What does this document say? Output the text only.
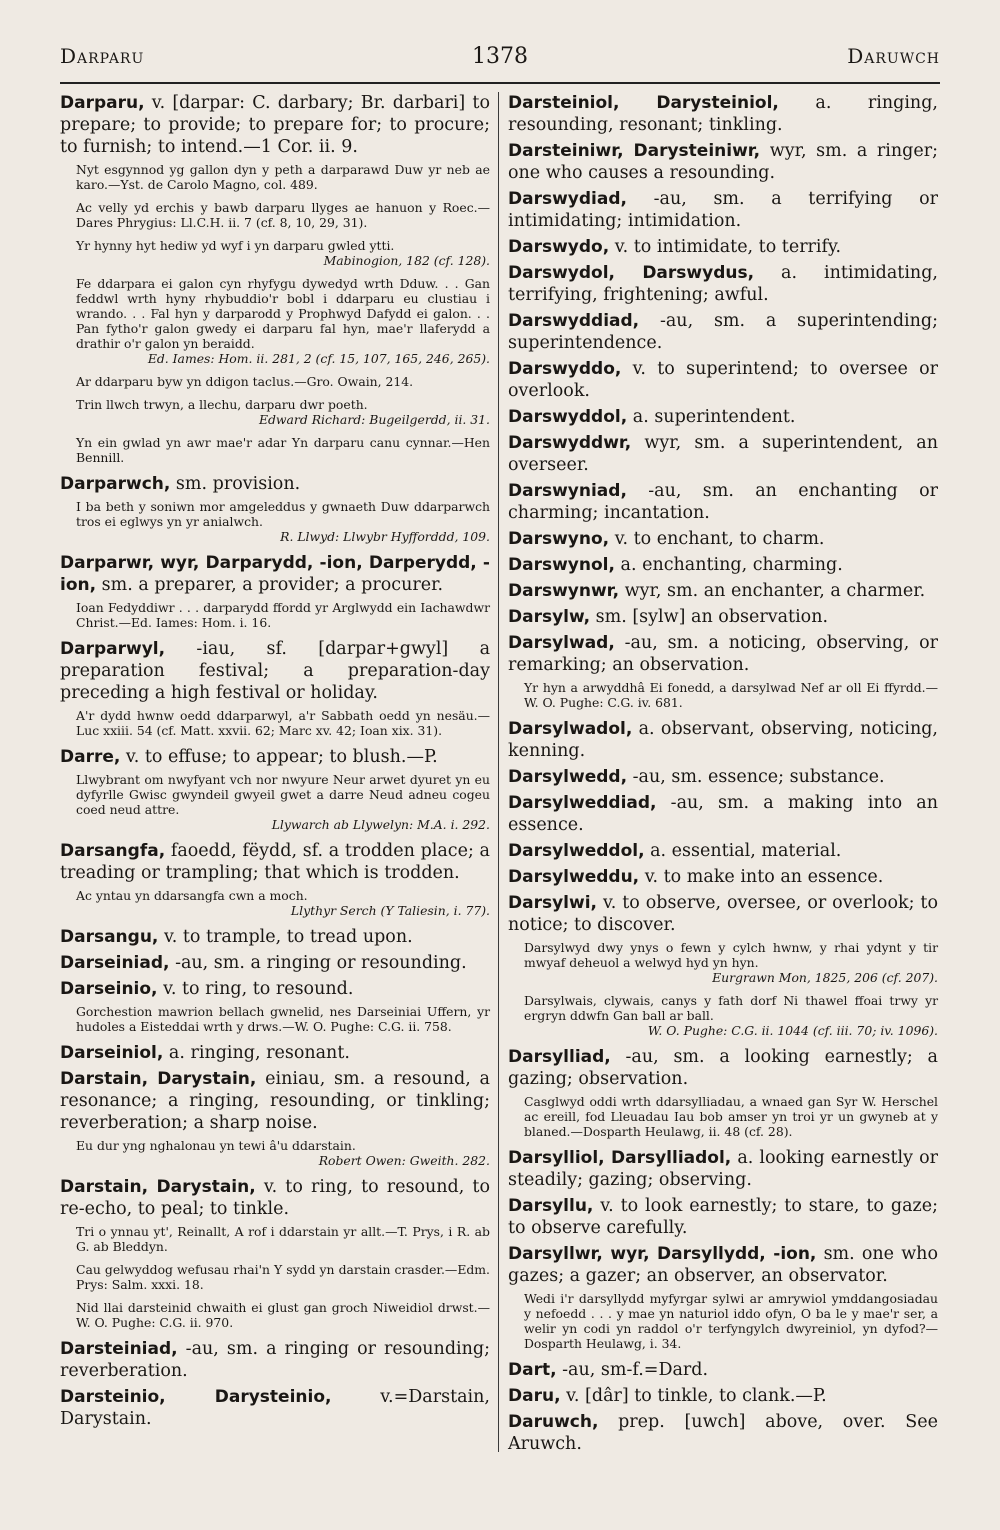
Darparu	1378	Daruwch

Darparu, v. [darpar: C. darbary; Br. darbari] to prepare; to provide; to prepare for; to procure; to furnish; to intend.—1 Cor. ii. 9.

Nyt esgynnod yg gallon dyn y peth a darparawd Duw yr neb ae karo.—Yst. de Carolo Magno, col. 489.
Ac velly yd erchis y bawb darparu llyges ae hanuon y Roec.—Dares Phrygius: Ll.C.H. ii. 7 (cf. 8, 10, 29, 31).
Yr hynny hyt hediw yd wyf i yn darparu gwled ytti.
Mabinogion, 182 (cf. 128).
Fe ddarpara ei galon cyn rhyfygu dywedyd wrth Dduw. . . Gan feddwl wrth hyny rhybuddio'r bobl i ddarparu eu clustiau i wrando. . . Fal hyn y darparodd y Prophwyd Dafydd ei galon. . . Pan fytho'r galon gwedy ei darparu fal hyn, mae'r llaferydd a drathir o'r galon yn beraidd.
Ed. Iames: Hom. ii. 281, 2 (cf. 15, 107, 165, 246, 265).
Ar ddarparu byw yn ddigon taclus.—Gro. Owain, 214.
Trin llwch trwyn, a llechu, darparu dwr poeth.
Edward Richard: Bugeilgerdd, ii. 31.
Yn ein gwlad yn awr mae'r adar Yn darparu canu cynnar.—Hen Bennill.

Darparwch, sm. provision.

I ba beth y soniwn mor amgeleddus y gwnaeth Duw ddarparwch tros ei eglwys yn yr anialwch.
R. Llwyd: Llwybr Hyfforddd, 109.

Darparwr, wyr, Darparydd, -ion, Darperydd, -ion, sm. a preparer, a provider; a procurer.

Ioan Fedyddiwr . . . darparydd ffordd yr Arglwydd ein Iachawdwr Christ.—Ed. Iames: Hom. i. 16.

Darparwyl, -iau, sf. [darpar+gwyl] a preparation festival; a preparation-day preceding a high festival or holiday.

A'r dydd hwnw oedd ddarparwyl, a'r Sabbath oedd yn nesäu.—Luc xxiii. 54 (cf. Matt. xxvii. 62; Marc xv. 42; Ioan xix. 31).

Darre, v. to effuse; to appear; to blush.—P.

Llwybrant om nwyfyant vch nor nwyure Neur arwet dyuret yn eu dyfyrlle Gwisc gwyndeil gwyeil gwet a darre Neud adneu cogeu coed neud attre.
Llywarch ab Llywelyn: M.A. i. 292.

Darsangfa, faoedd, fëydd, sf. a trodden place; a treading or trampling; that which is trodden.

Ac yntau yn ddarsangfa cwn a moch.
Llythyr Serch (Y Taliesin, i. 77).

Darsangu, v. to trample, to tread upon.

Darseiniad, -au, sm. a ringing or resounding.

Darseinio, v. to ring, to resound.

Gorchestion mawrion bellach gwnelid, nes Darseiniai Uffern, yr hudoles a Eisteddai wrth y drws.—W. O. Pughe: C.G. ii. 758.

Darseiniol, a. ringing, resonant.

Darstain, Darystain, einiau, sm. a resound, a resonance; a ringing, resounding, or tinkling; reverberation; a sharp noise.

Eu dur yng nghalonau yn tewi â'u ddarstain.
Robert Owen: Gweith. 282.

Darstain, Darystain, v. to ring, to resound, to re-echo, to peal; to tinkle.

Tri o ynnau yt', Reinallt, A rof i ddarstain yr allt.—T. Prys, i R. ab G. ab Bleddyn.
Cau gelwyddog wefusau rhai'n Y sydd yn darstain crasder.—Edm. Prys: Salm. xxxi. 18.
Nid llai darsteinid chwaith ei glust gan groch Niweidiol drwst.—W. O. Pughe: C.G. ii. 970.

Darsteiniad, -au, sm. a ringing or resounding; reverberation.

Darsteinio, Darysteinio,	v.=Darstain, Darystain.

Darsteiniol, Darysteiniol, a. ringing, resounding, resonant; tinkling.

Darsteiniwr, Darysteiniwr, wyr, sm. a ringer; one who causes a resounding.

Darswydiad, -au, sm. a terrifying or intimidating; intimidation.

Darswydo, v. to intimidate, to terrify.

Darswydol, Darswydus, a. intimidating, terrifying, frightening; awful.

Darswyddiad, -au, sm. a superintending; superintendence.

Darswyddo, v. to superintend; to oversee or overlook.

Darswyddol, a. superintendent.

Darswyddwr, wyr, sm. a superintendent, an overseer.

Darswyniad, -au, sm. an enchanting or charming; incantation.

Darswyno, v. to enchant, to charm.

Darswynol, a. enchanting, charming.

Darswynwr, wyr, sm. an enchanter, a charmer.

Darsylw, sm. [sylw] an observation.

Darsylwad, -au, sm. a noticing, observing, or remarking; an observation.

Yr hyn a arwyddhâ Ei fonedd, a darsylwad Nef ar oll Ei ffyrdd.—W. O. Pughe: C.G. iv. 681.

Darsylwadol, a. observant, observing, noticing, kenning.

Darsylwedd, -au, sm. essence; substance.

Darsylweddiad, -au, sm. a making into an essence.

Darsylweddol, a. essential, material.

Darsylweddu, v. to make into an essence.

Darsylwi, v. to observe, oversee, or overlook; to notice; to discover.

Darsylwyd dwy ynys o fewn y cylch hwnw, y rhai ydynt y tir mwyaf deheuol a welwyd hyd yn hyn.
Eurgrawn Mon, 1825, 206 (cf. 207).
Darsylwais, clywais, canys y fath dorf Ni thawel ffoai trwy yr ergryn ddwfn Gan ball ar ball.
W. O. Pughe: C.G. ii. 1044 (cf. iii. 70; iv. 1096).

Darsylliad, -au, sm. a looking earnestly; a gazing; observation.

Casglwyd oddi wrth ddarsylliadau, a wnaed gan Syr W. Herschel ac ereill, fod Lleuadau Iau bob amser yn troi yr un gwyneb at y blaned.—Dosparth Heulawg, ii. 48 (cf. 28).

Darsylliol, Darsylliadol, a. looking earnestly or steadily; gazing; observing.

Darsyllu, v. to look earnestly; to stare, to gaze; to observe carefully.

Darsyllwr, wyr, Darsyllydd, -ion, sm. one who gazes; a gazer; an observer, an observator.

Wedi i'r darsyllydd myfyrgar sylwi ar amrywiol ymddangosiadau y nefoedd . . . y mae yn naturiol iddo ofyn, O ba le y mae'r ser, a welir yn codi yn raddol o'r terfyngylch dwyreiniol, yn dyfod?—Dosparth Heulawg, i. 34.

Dart, -au, sm-f.=Dard.

Daru, v. [dâr] to tinkle, to clank.—P.

Daruwch, prep. [uwch] above, over. See Aruwch.
